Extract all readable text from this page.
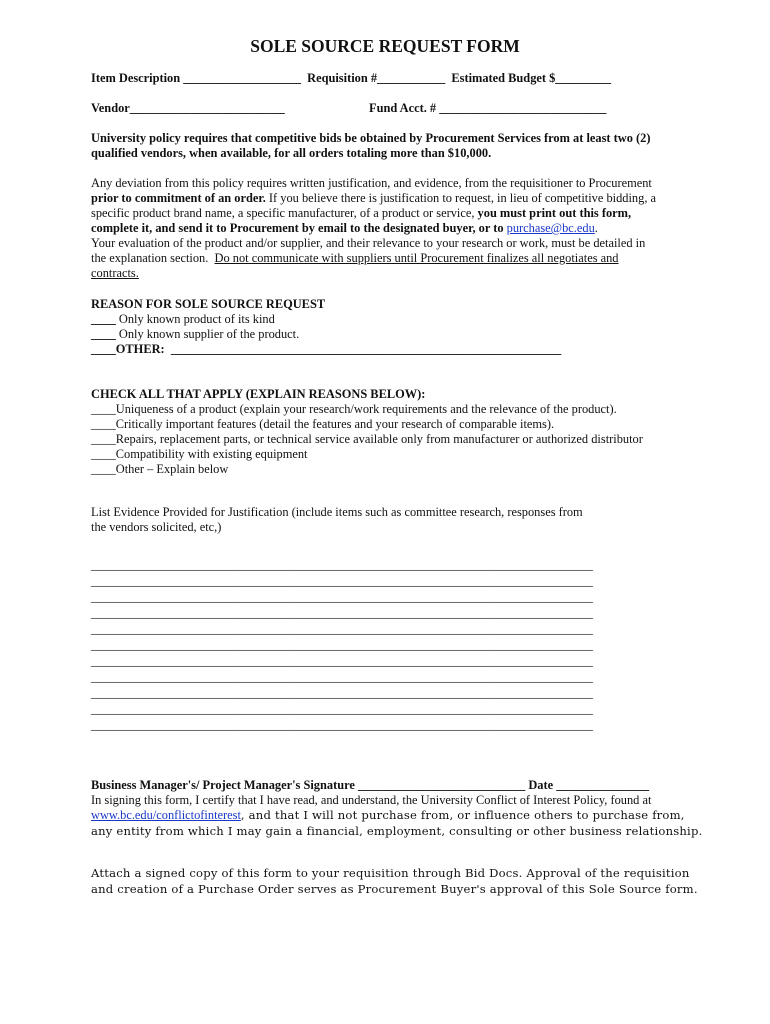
SOLE SOURCE REQUEST FORM
Item Description ___________________  Requisition #___________  Estimated Budget $_________
Vendor_________________________	Fund Acct. # ___________________________
University policy requires that competitive bids be obtained by Procurement Services from at least two (2)
qualified vendors, when available, for all orders totaling more than $10,000.
Any deviation from this policy requires written justification, and evidence, from the requisitioner to Procurement
prior to commitment of an order. If you believe there is justification to request, in lieu of competitive bidding, a
specific product brand name, a specific manufacturer, of a product or service, you must print out this form,
complete it, and send it to Procurement by email to the designated buyer, or to purchase@bc.edu.
Your evaluation of the product and/or supplier, and their relevance to your research or work, must be detailed in
the explanation section.  Do not communicate with suppliers until Procurement finalizes all negotiates and
contracts.
REASON FOR SOLE SOURCE REQUEST
____ Only known product of its kind
____ Only known supplier of the product.
____OTHER:  _______________________________________________________________
CHECK ALL THAT APPLY (EXPLAIN REASONS BELOW):
____Uniqueness of a product (explain your research/work requirements and the relevance of the product).
____Critically important features (detail the features and your research of comparable items).
____Repairs, replacement parts, or technical service available only from manufacturer or authorized distributor
____Compatibility with existing equipment
____Other – Explain below
List Evidence Provided for Justification (include items such as committee research, responses from
the vendors solicited, etc,)
_________________________________________________________________________________
_________________________________________________________________________________
_________________________________________________________________________________
_________________________________________________________________________________
_________________________________________________________________________________
_________________________________________________________________________________
_________________________________________________________________________________
_________________________________________________________________________________
_________________________________________________________________________________
_________________________________________________________________________________
_________________________________________________________________________________
Business Manager's/ Project Manager's Signature ___________________________ Date _______________
In signing this form, I certify that I have read, and understand, the University Conflict of Interest Policy, found at
www.bc.edu/conflictofinterest, and that I will not purchase from, or influence others to purchase from,
any entity from which I may gain a financial, employment, consulting or other business relationship.
Attach a signed copy of this form to your requisition through Bid Docs. Approval of the requisition
and creation of a Purchase Order serves as Procurement Buyer's approval of this Sole Source form.
